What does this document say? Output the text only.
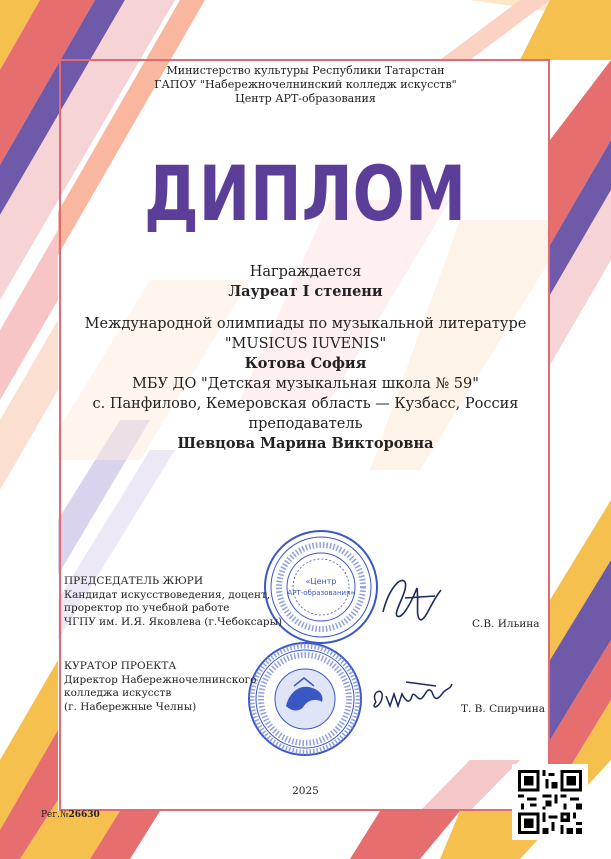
Министерство культуры Республики Татарстан
ГАПОУ "Набережночелнинский колледж искусств"
Центр АРТ-образования
ДИПЛОМ
Награждается
Лауреат I степени
Международной олимпиады по музыкальной литературе
"MUSICUS IUVENIS"
Котова София
МБУ ДО "Детская музыкальная школа № 59"
с. Панфилово, Кемеровская область — Кузбасс, Россия
преподаватель
Шевцова Марина Викторовна
«Центр
АРТ-образования»
ПРЕДСЕДАТЕЛЬ ЖЮРИ
Кандидат искусствоведения, доцент,
проректор по учебной работе
ЧГПУ им. И.Я. Яковлева (г.Чебоксары)	С.В. Ильина
КУРАТОР ПРОЕКТА
Директор Набережночелнинского
колледжа искусств
(г. Набережные Челны)	Т. В. Спирчина
2025
Рег.№26630
